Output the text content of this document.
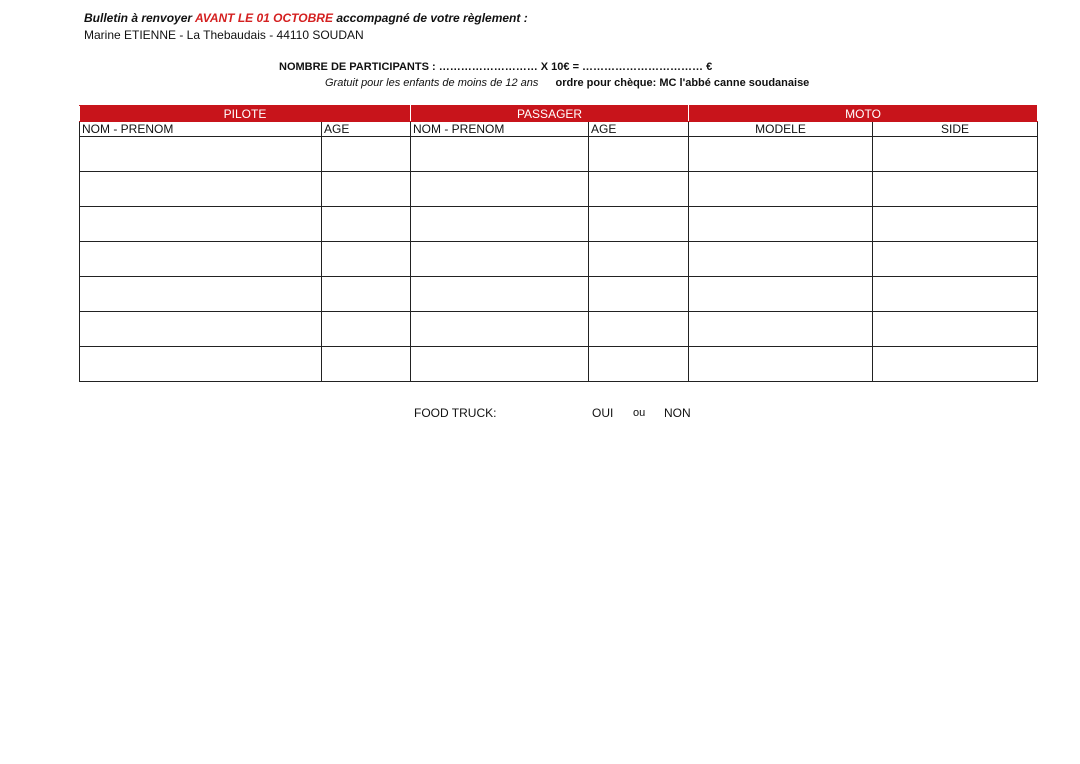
Bulletin à renvoyer AVANT LE 01 OCTOBRE accompagné de votre règlement :
Marine ETIENNE - La Thebaudais - 44110 SOUDAN
NOMBRE DE PARTICIPANTS : ……………………… X 10€ = …………………………… €
Gratuit pour les enfants de moins de 12 ans ordre pour chèque: MC l'abbé canne soudanaise
PILOTE		PASSAGER		MOTO	
NOM - PRENOM	AGE	NOM - PRENOM	AGE	MODELE	SIDE

FOOD TRUCK:	OUI ou NON
